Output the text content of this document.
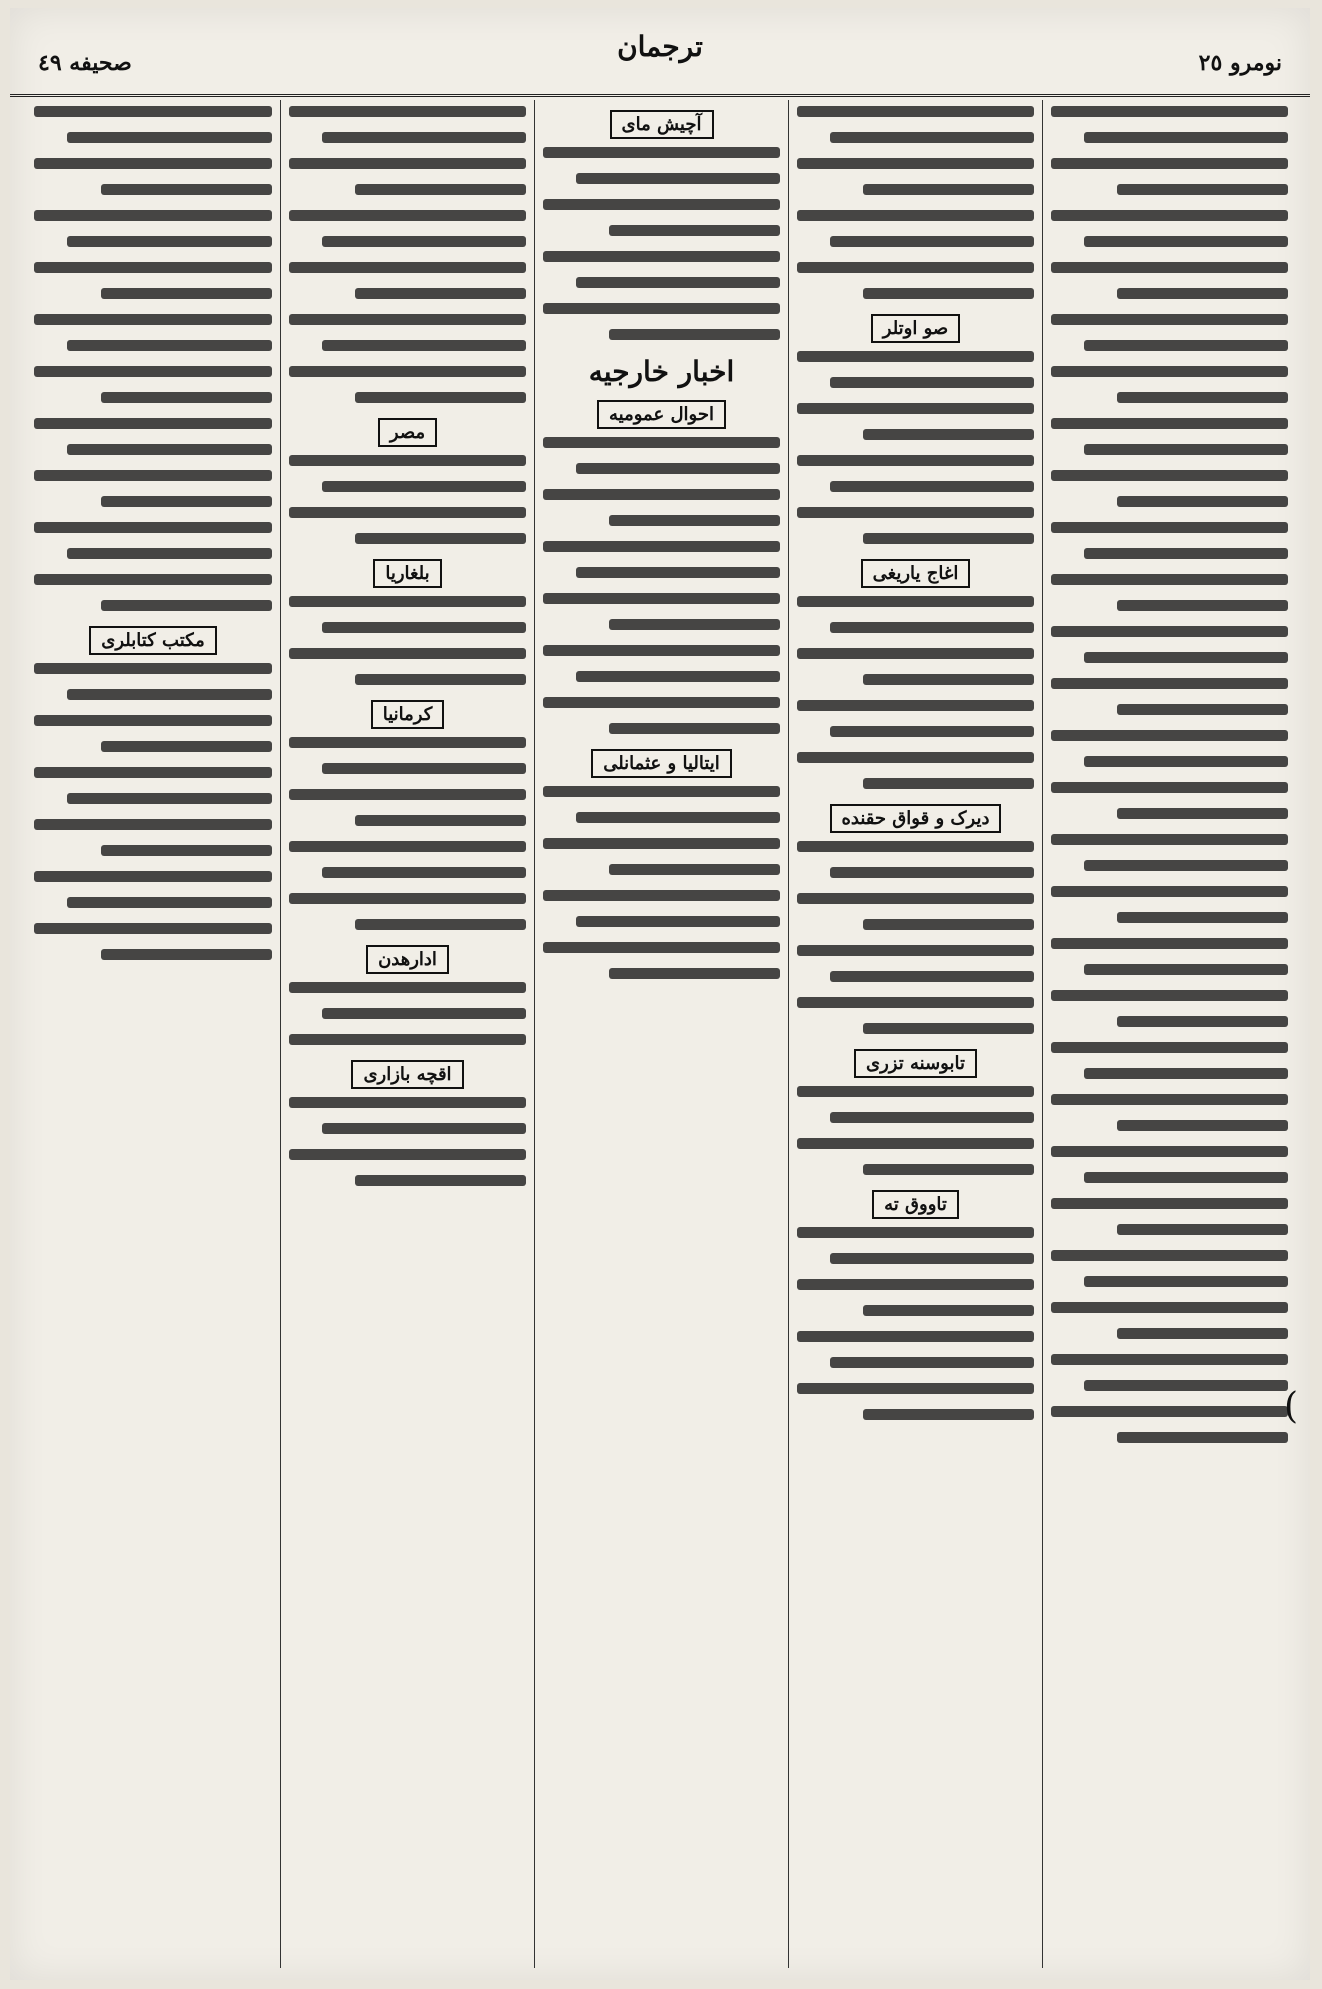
صحيفه ٤٩	ترجمان	نومرو ٢٥
صو اوتلر
اغاج یاریغی
دیرک و قواق حقنده
تابوسنه تزری
تاووق ته
آچیش مای
اخبار خارجیه
احوال عمومیه
ایتالیا و عثمانلی
مصر
بلغاریا
کرمانیا
ادارهدن
اقچه بازاری
مکتب کتابلری
(
